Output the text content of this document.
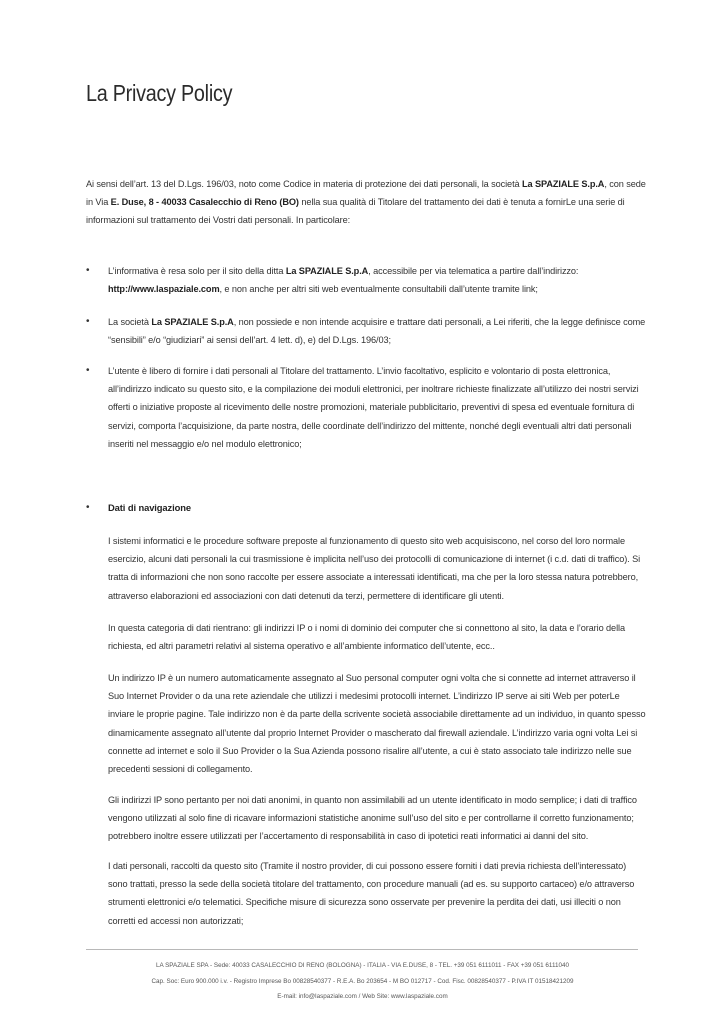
La Privacy Policy

Ai sensi dell’art. 13 del D.Lgs. 196/03, noto come Codice in materia di protezione dei dati personali, la società La SPAZIALE S.p.A, con sede in Via E. Duse, 8 - 40033 Casalecchio di Reno (BO) nella sua qualità di Titolare del trattamento dei dati è tenuta a fornirLe una serie di informazioni sul trattamento dei Vostri dati personali. In particolare:

• L’informativa è resa solo per il sito della ditta La SPAZIALE S.p.A, accessibile per via telematica a partire dall’indirizzo: http://www.laspaziale.com, e non anche per altri siti web eventualmente consultabili dall’utente tramite link;

• La società La SPAZIALE S.p.A, non possiede e non intende acquisire e trattare dati personali, a Lei riferiti, che la legge definisce come “sensibili” e/o “giudiziari” ai sensi dell’art. 4 lett. d), e) del D.Lgs. 196/03;

• L’utente è libero di fornire i dati personali al Titolare del trattamento. L’invio facoltativo, esplicito e volontario di posta elettronica, all’indirizzo indicato su questo sito, e la compilazione dei moduli elettronici, per inoltrare richieste finalizzate all’utilizzo dei nostri servizi offerti o iniziative proposte al ricevimento delle nostre promozioni, materiale pubblicitario, preventivi di spesa ed eventuale fornitura di servizi, comporta l’acquisizione, da parte nostra, delle coordinate dell’indirizzo del mittente, nonché degli eventuali altri dati personali inseriti nel messaggio e/o nel modulo elettronico;

• Dati di navigazione

I sistemi informatici e le procedure software preposte al funzionamento di questo sito web acquisiscono, nel corso del loro normale esercizio, alcuni dati personali la cui trasmissione è implicita nell’uso dei protocolli di comunicazione di internet (i c.d. dati di traffico). Si tratta di informazioni che non sono raccolte per essere associate a interessati identificati, ma che per la loro stessa natura potrebbero, attraverso elaborazioni ed associazioni con dati detenuti da terzi, permettere di identificare gli utenti.

In questa categoria di dati rientrano: gli indirizzi IP o i nomi di dominio dei computer che si connettono al sito, la data e l’orario della richiesta, ed altri parametri relativi al sistema operativo e all’ambiente informatico dell’utente, ecc..

Un indirizzo IP è un numero automaticamente assegnato al Suo personal computer ogni volta che si connette ad internet attraverso il Suo Internet Provider o da una rete aziendale che utilizzi i medesimi protocolli internet. L’indirizzo IP serve ai siti Web per poterLe inviare le proprie pagine. Tale indirizzo non è da parte della scrivente società associabile direttamente ad un individuo, in quanto spesso dinamicamente assegnato all’utente dal proprio Internet Provider o mascherato dal firewall aziendale. L’indirizzo varia ogni volta Lei si connette ad internet e solo il Suo Provider o la Sua Azienda possono risalire all’utente, a cui è stato associato tale indirizzo nelle sue precedenti sessioni di collegamento.

Gli indirizzi IP sono pertanto per noi dati anonimi, in quanto non assimilabili ad un utente identificato in modo semplice; i dati di traffico vengono utilizzati al solo fine di ricavare informazioni statistiche anonime sull’uso del sito e per controllarne il corretto funzionamento; potrebbero inoltre essere utilizzati per l’accertamento di responsabilità in caso di ipotetici reati informatici ai danni del sito.

I dati personali, raccolti da questo sito (Tramite il nostro provider, di cui possono essere forniti i dati previa richiesta dell’interessato) sono trattati, presso la sede della società titolare del trattamento, con procedure manuali (ad es. su supporto cartaceo) e/o attraverso strumenti elettronici e/o telematici. Specifiche misure di sicurezza sono osservate per prevenire la perdita dei dati, usi illeciti o non corretti ed accessi non autorizzati;

LA SPAZIALE SPA - Sede: 40033 CASALECCHIO DI RENO (BOLOGNA) - ITALIA - VIA E.DUSE, 8 - TEL. +39 051 6111011 - FAX +39 051 6111040
Cap. Soc: Euro 900.000 i.v. - Registro Imprese Bo 00828540377 - R.E.A. Bo 203654 - M BO 012717 - Cod. Fisc. 00828540377 - P.IVA IT 01518421209
E-mail: info@laspaziale.com / Web Site: www.laspaziale.com
